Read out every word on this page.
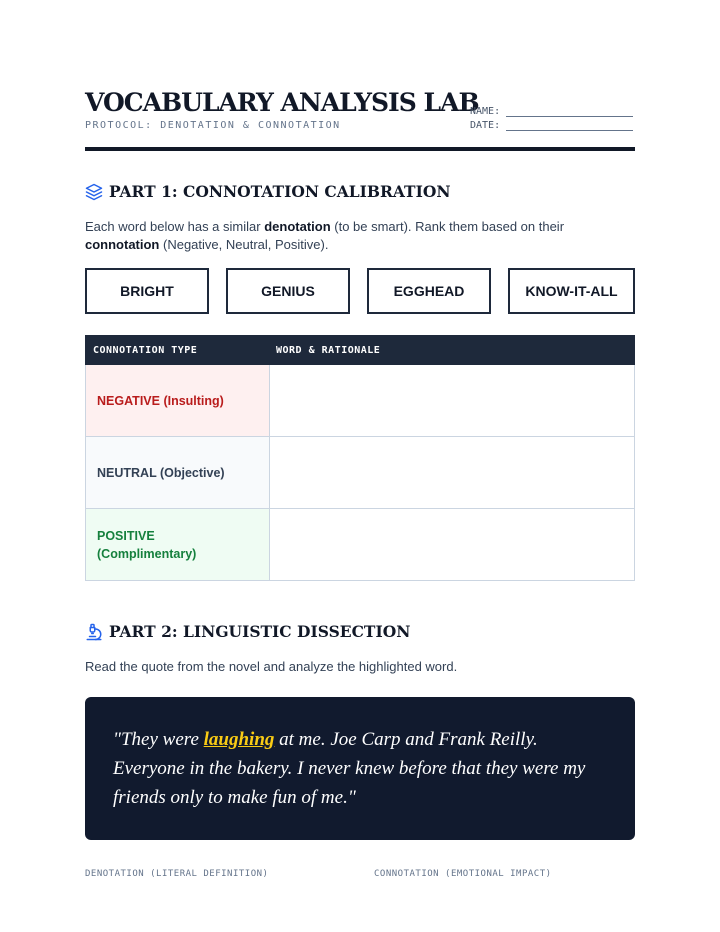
VOCABULARY ANALYSIS LAB
PROTOCOL: DENOTATION & CONNOTATION
NAME:
DATE:
PART 1: CONNOTATION CALIBRATION
Each word below has a similar denotation (to be smart). Rank them based on their
connotation (Negative, Neutral, Positive).
BRIGHT	GENIUS	EGGHEAD	KNOW-IT-ALL
CONNOTATION TYPE	WORD & RATIONALE
NEGATIVE (Insulting)
NEUTRAL (Objective)
POSITIVE (Complimentary)
PART 2: LINGUISTIC DISSECTION
Read the quote from the novel and analyze the highlighted word.

"They were laughing at me. Joe Carp and Frank Reilly. Everyone in the bakery. I never knew before that they were my friends only to make fun of me."

DENOTATION (LITERAL DEFINITION)	CONNOTATION (EMOTIONAL IMPACT)
